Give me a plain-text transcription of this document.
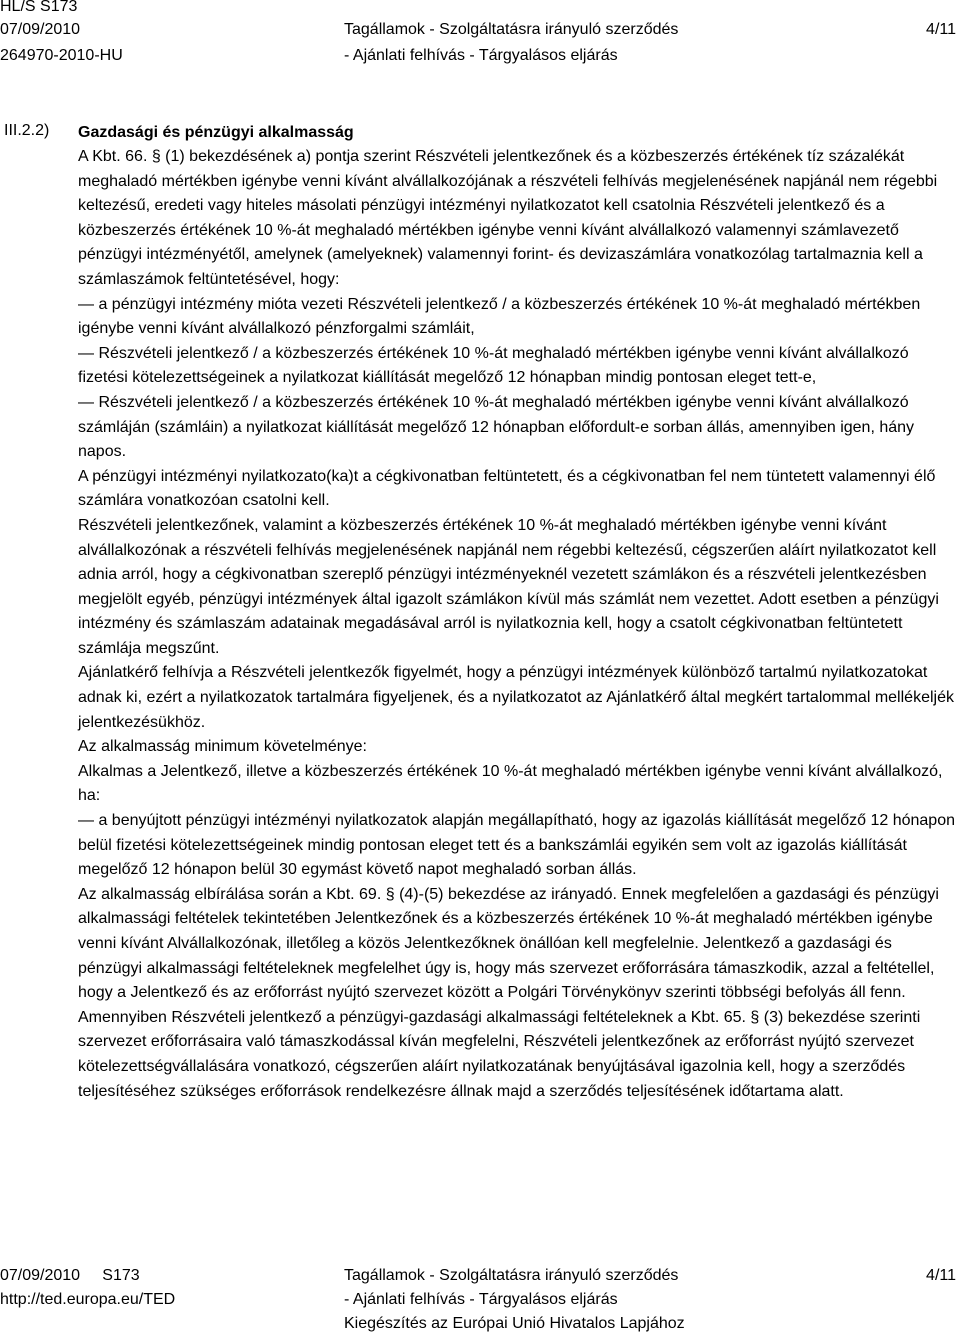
HL/S S173
07/09/2010
264970-2010-HU
Tagállamok - Szolgáltatásra irányuló szerződés
- Ajánlati felhívás - Tárgyalásos eljárás
4/11
III.2.2) Gazdasági és pénzügyi alkalmasság

A Kbt. 66. § (1) bekezdésének a) pontja szerint Részvételi jelentkezőnek és a közbeszerzés értékének tíz százalékát meghaladó mértékben igénybe venni kívánt alvállalkozójának a részvételi felhívás megjelenésének napjánál nem régebbi keltezésű, eredeti vagy hiteles másolati pénzügyi intézményi nyilatkozatot kell csatolnia Részvételi jelentkező és a közbeszerzés értékének 10 %-át meghaladó mértékben igénybe venni kívánt alvállalkozó valamennyi számlavezető pénzügyi intézményétől, amelynek (amelyeknek) valamennyi forint- és devizaszámlára vonatkozólag tartalmaznia kell a számlaszámok feltüntetésével, hogy:

— a pénzügyi intézmény mióta vezeti Részvételi jelentkező / a közbeszerzés értékének 10 %-át meghaladó mértékben igénybe venni kívánt alvállalkozó pénzforgalmi számláit,

— Részvételi jelentkező / a közbeszerzés értékének 10 %-át meghaladó mértékben igénybe venni kívánt alvállalkozó fizetési kötelezettségeinek a nyilatkozat kiállítását megelőző 12 hónapban mindig pontosan eleget tett-e,

— Részvételi jelentkező / a közbeszerzés értékének 10 %-át meghaladó mértékben igénybe venni kívánt alvállalkozó számláján (számláin) a nyilatkozat kiállítását megelőző 12 hónapban előfordult-e sorban állás, amennyiben igen, hány napos.

A pénzügyi intézményi nyilatkozato(ka)t a cégkivonatban feltüntetett, és a cégkivonatban fel nem tüntetett valamennyi élő számlára vonatkozóan csatolni kell.

Részvételi jelentkezőnek, valamint a közbeszerzés értékének 10 %-át meghaladó mértékben igénybe venni kívánt alvállalkozónak a részvételi felhívás megjelenésének napjánál nem régebbi keltezésű, cégszerűen aláírt nyilatkozatot kell adnia arról, hogy a cégkivonatban szereplő pénzügyi intézményeknél vezetett számlákon és a részvételi jelentkezésben megjelölt egyéb, pénzügyi intézmények által igazolt számlákon kívül más számlát nem vezettet. Adott esetben a pénzügyi intézmény és számlaszám adatainak megadásával arról is nyilatkoznia kell, hogy a csatolt cégkivonatban feltüntetett számlája megszűnt.

Ajánlatkérő felhívja a Részvételi jelentkezők figyelmét, hogy a pénzügyi intézmények különböző tartalmú nyilatkozatokat adnak ki, ezért a nyilatkozatok tartalmára figyeljenek, és a nyilatkozatot az Ajánlatkérő által megkért tartalommal mellékeljék jelentkezésükhöz.

Az alkalmasság minimum követelménye:

Alkalmas a Jelentkező, illetve a közbeszerzés értékének 10 %-át meghaladó mértékben igénybe venni kívánt alvállalkozó, ha:

— a benyújtott pénzügyi intézményi nyilatkozatok alapján megállapítható, hogy az igazolás kiállítását megelőző 12 hónapon belül fizetési kötelezettségeinek mindig pontosan eleget tett és a bankszámlái egyikén sem volt az igazolás kiállítását megelőző 12 hónapon belül 30 egymást követő napot meghaladó sorban állás.

Az alkalmasság elbírálása során a Kbt. 69. § (4)-(5) bekezdése az irányadó. Ennek megfelelően a gazdasági és pénzügyi alkalmassági feltételek tekintetében Jelentkezőnek és a közbeszerzés értékének 10 %-át meghaladó mértékben igénybe venni kívánt Alvállalkozónak, illetőleg a közös Jelentkezőknek önállóan kell megfelelnie. Jelentkező a gazdasági és pénzügyi alkalmassági feltételeknek megfelelhet úgy is, hogy más szervezet erőforrására támaszkodik, azzal a feltétellel, hogy a Jelentkező és az erőforrást nyújtó szervezet között a Polgári Törvénykönyv szerinti többségi befolyás áll fenn.

Amennyiben Részvételi jelentkező a pénzügyi-gazdasági alkalmassági feltételeknek a Kbt. 65. § (3) bekezdése szerinti szervezet erőforrásaira való támaszkodással kíván megfelelni, Részvételi jelentkezőnek az erőforrást nyújtó szervezet kötelezettségvállalására vonatkozó, cégszerűen aláírt nyilatkozatának benyújtásával igazolnia kell, hogy a szerződés teljesítéséhez szükséges erőforrások rendelkezésre állnak majd a szerződés teljesítésének időtartama alatt.

07/09/2010     S173
http://ted.europa.eu/TED
Tagállamok - Szolgáltatásra irányuló szerződés
- Ajánlati felhívás - Tárgyalásos eljárás
Kiegészítés az Európai Unió Hivatalos Lapjához
4/11
